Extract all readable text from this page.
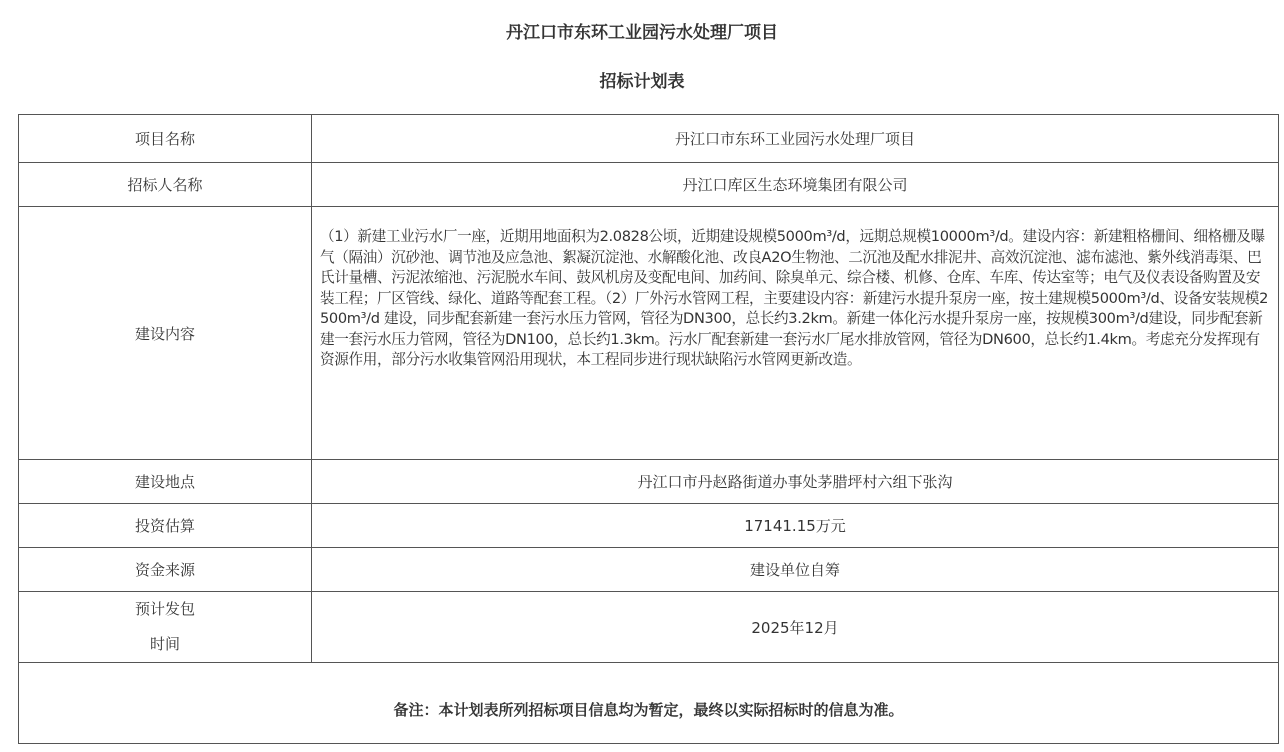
丹江口市东环工业园污水处理厂项目
招标计划表
项目名称	丹江口市东环工业园污水处理厂项目
招标人名称	丹江口库区生态环境集团有限公司
建设内容	（1）新建工业污水厂一座，近期用地面积为2.0828公顷，近期建设规模5000m³/d，远期总规模10000m³/d。建设内容：新建粗格栅间、细格栅及曝气（隔油）沉砂池、调节池及应急池、絮凝沉淀池、水解酸化池、改良A2O生物池、二沉池及配水排泥井、高效沉淀池、滤布滤池、紫外线消毒渠、巴氏计量槽、污泥浓缩池、污泥脱水车间、鼓风机房及变配电间、加药间、除臭单元、综合楼、机修、仓库、车库、传达室等；电气及仪表设备购置及安装工程；厂区管线、绿化、道路等配套工程。（2）厂外污水管网工程，主要建设内容：新建污水提升泵房一座，按土建规模5000m³/d、设备安装规模2500m³/d 建设，同步配套新建一套污水压力管网，管径为DN300，总长约3.2km。新建一体化污水提升泵房一座，按规模300m³/d建设，同步配套新建一套污水压力管网，管径为DN100，总长约1.3km。污水厂配套新建一套污水厂尾水排放管网，管径为DN600，总长约1.4km。考虑充分发挥现有资源作用，部分污水收集管网沿用现状，本工程同步进行现状缺陷污水管网更新改造。

建设地点	丹江口市丹赵路街道办事处茅腊坪村六组下张沟
投资估算	17141.15万元
资金来源	建设单位自筹

预计发包
时间	2025年12月
备注：本计划表所列招标项目信息均为暂定，最终以实际招标时的信息为准。	
